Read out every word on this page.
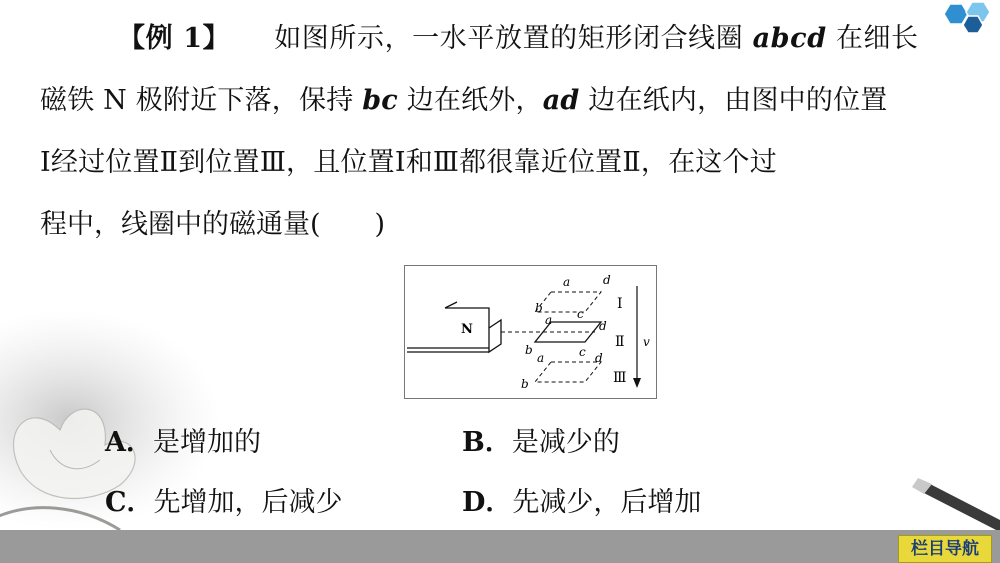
【例 1】 如图所示，一水平放置的矩形闭合线圈 abcd 在细长
磁铁 N 极附近下落，保持 bc 边在纸外，ad 边在纸内，由图中的位置
Ⅰ经过位置Ⅱ到位置Ⅲ，且位置Ⅰ和Ⅲ都很靠近位置Ⅱ，在这个过
程中，线圈中的磁通量(　　)
N
a	d
b	c
a	d
b	c
a	d
b
Ⅰ
Ⅱ
Ⅲ
v
A．是增加的	B．是减少的
C．先增加，后减少	D．先减少，后增加
栏目导航
